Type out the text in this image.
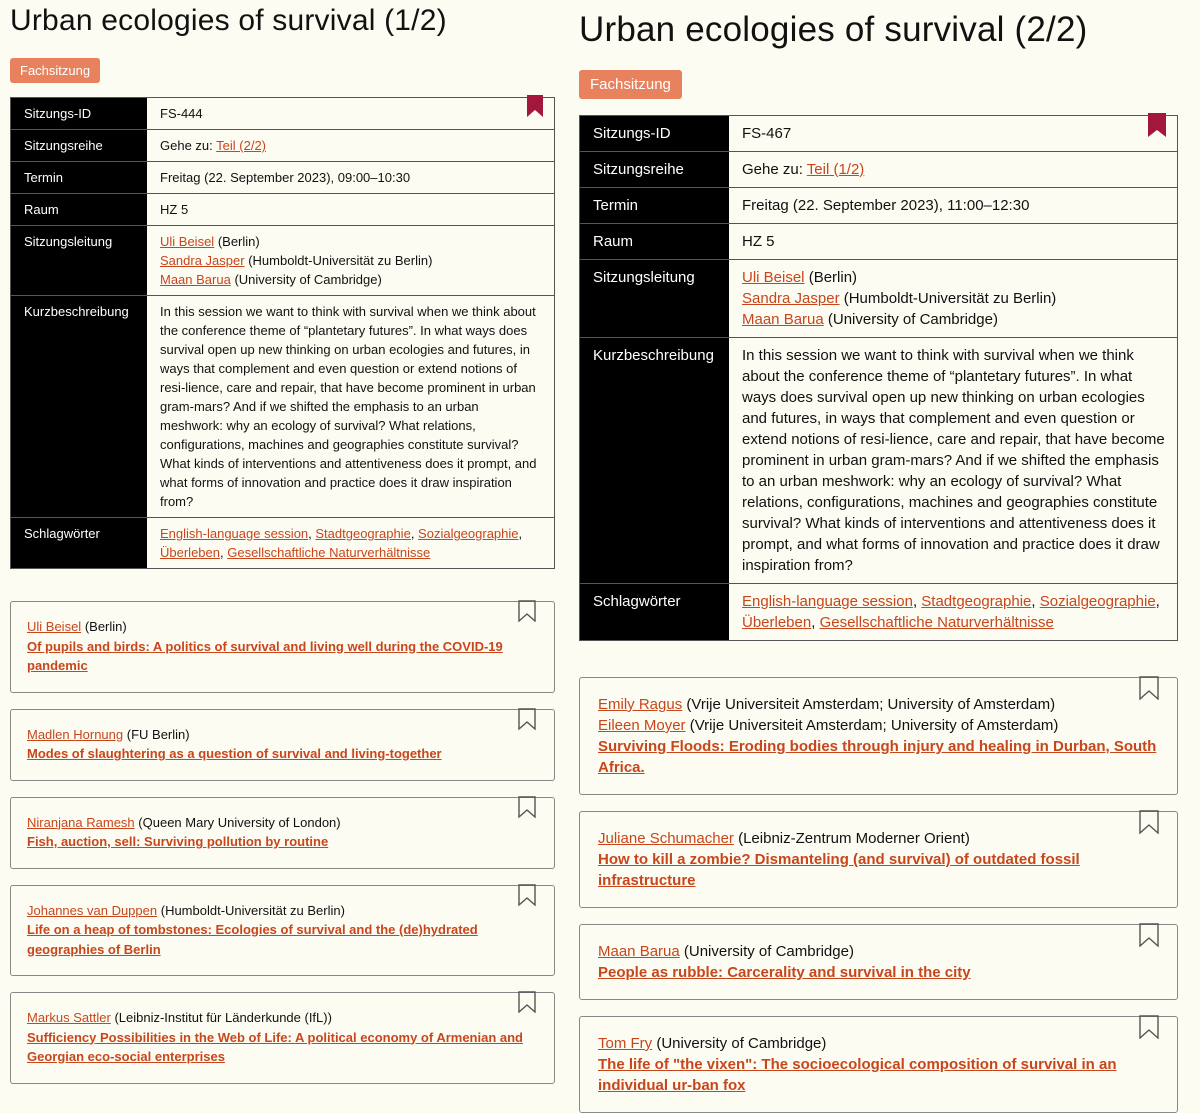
Urban ecologies of survival (1/2)
Fachsitzung
Sitzungs-ID	FS-444
Sitzungsreihe	Gehe zu: Teil (2/2)
Termin	Freitag (22. September 2023), 09:00–10:30
Raum	HZ 5
Sitzungsleitung	Uli Beisel (Berlin)
Sandra Jasper (Humboldt-Universität zu Berlin)
Maan Barua (University of Cambridge)

Kurzbeschreibung	In this session we want to think with survival when we think about the conference theme of “plantetary futures”. In what ways does survival open up new thinking on urban ecologies and futures, in ways that complement and even question or extend notions of resi-lience, care and repair, that have become prominent in urban gram-mars? And if we shifted the emphasis to an urban meshwork: why an ecology of survival? What relations, configurations, machines and geographies constitute survival? What kinds of interventions and attentiveness does it prompt, and what forms of innovation and practice does it draw inspiration from?
Schlagwörter	English-language session, Stadtgeographie, Sozialgeographie,
Überleben, Gesellschaftliche Naturverhältnisse
Uli Beisel (Berlin)
Of pupils and birds: A politics of survival and living well during the COVID-19 pandemic
Madlen Hornung (FU Berlin)
Modes of slaughtering as a question of survival and living-together
Niranjana Ramesh (Queen Mary University of London)
Fish, auction, sell: Surviving pollution by routine
Johannes van Duppen (Humboldt-Universität zu Berlin)
Life on a heap of tombstones: Ecologies of survival and the (de)hydrated geographies of Berlin
Markus Sattler (Leibniz-Institut für Länderkunde (IfL))
Sufficiency Possibilities in the Web of Life: A political economy of Armenian and Georgian eco-social enterprises
Urban ecologies of survival (2/2)
Fachsitzung
Sitzungs-ID	FS-467
Sitzungsreihe	Gehe zu: Teil (1/2)
Termin	Freitag (22. September 2023), 11:00–12:30
Raum	HZ 5
Sitzungsleitung	Uli Beisel (Berlin)
Sandra Jasper (Humboldt-Universität zu Berlin)
Maan Barua (University of Cambridge)

Kurzbeschreibung	In this session we want to think with survival when we think about the conference theme of “plantetary futures”. In what ways does survival open up new thinking on urban ecologies and futures, in ways that complement and even question or extend notions of resi-lience, care and repair, that have become prominent in urban gram-mars? And if we shifted the emphasis to an urban meshwork: why an ecology of survival? What relations, configurations, machines and geographies constitute survival? What kinds of interventions and attentiveness does it prompt, and what forms of innovation and practice does it draw inspiration from?
Schlagwörter	English-language session, Stadtgeographie, Sozialgeographie,
Überleben, Gesellschaftliche Naturverhältnisse
Emily Ragus (Vrije Universiteit Amsterdam; University of Amsterdam)
Eileen Moyer (Vrije Universiteit Amsterdam; University of Amsterdam)
Surviving Floods: Eroding bodies through injury and healing in Durban, South Africa.
Juliane Schumacher (Leibniz-Zentrum Moderner Orient)
How to kill a zombie? Dismanteling (and survival) of outdated fossil infrastructure
Maan Barua (University of Cambridge)
People as rubble: Carcerality and survival in the city
Tom Fry (University of Cambridge)
The life of "the vixen": The socioecological composition of survival in an individual ur-ban fox
